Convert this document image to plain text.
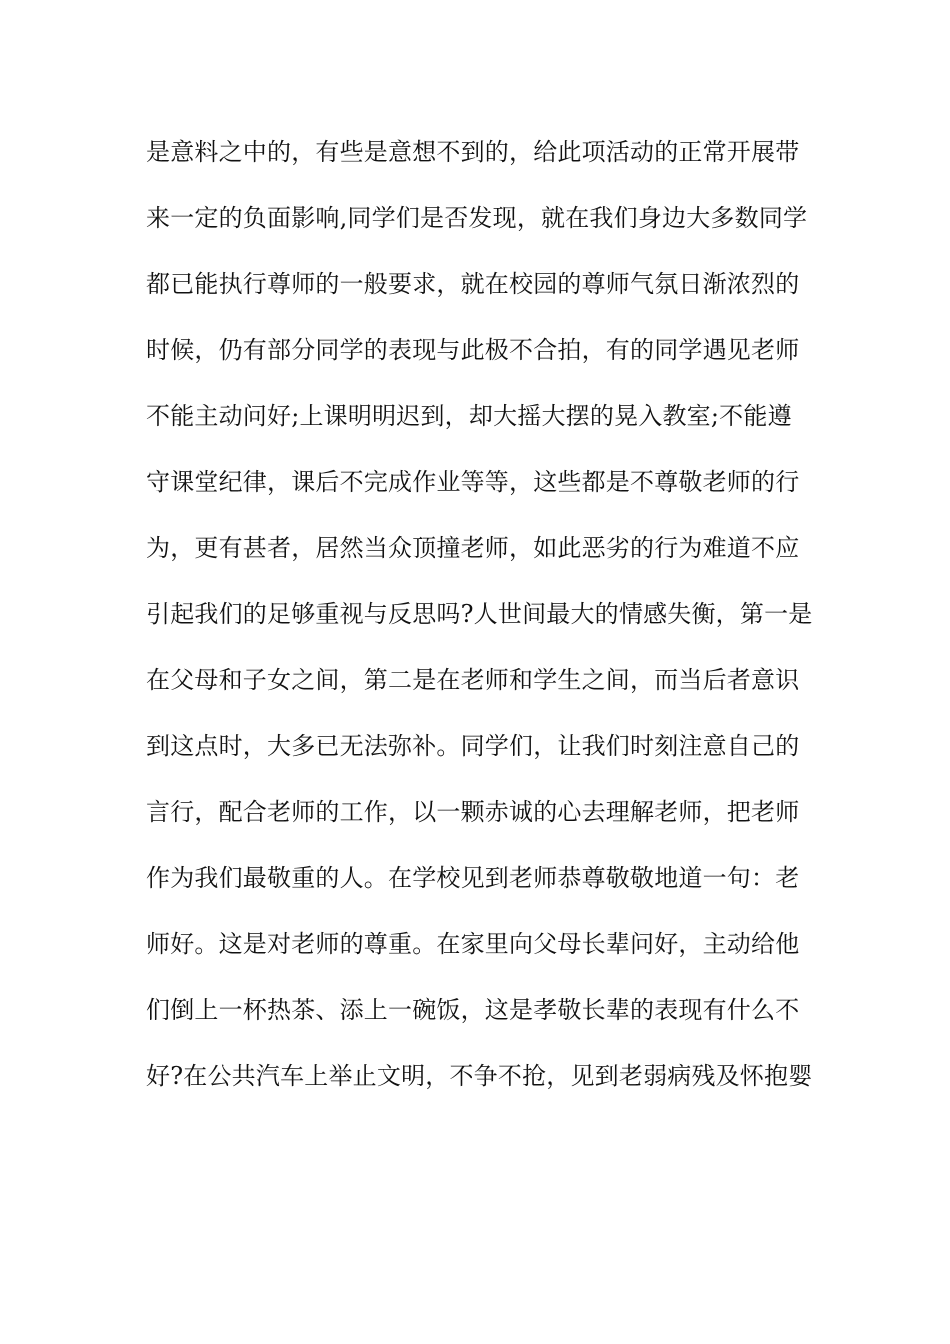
是意料之中的，有些是意想不到的，给此项活动的正常开展带
来一定的负面影响,同学们是否发现，就在我们身边大多数同学
都已能执行尊师的一般要求，就在校园的尊师气氛日渐浓烈的
时候，仍有部分同学的表现与此极不合拍，有的同学遇见老师
不能主动问好;上课明明迟到，却大摇大摆的晃入教室;不能遵
守课堂纪律，课后不完成作业等等，这些都是不尊敬老师的行
为，更有甚者，居然当众顶撞老师，如此恶劣的行为难道不应
引起我们的足够重视与反思吗?人世间最大的情感失衡，第一是
在父母和子女之间，第二是在老师和学生之间，而当后者意识
到这点时，大多已无法弥补。同学们，让我们时刻注意自己的
言行，配合老师的工作，以一颗赤诚的心去理解老师，把老师
作为我们最敬重的人。在学校见到老师恭尊敬敬地道一句：老
师好。这是对老师的尊重。在家里向父母长辈问好，主动给他
们倒上一杯热茶、添上一碗饭，这是孝敬长辈的表现有什么不
好?在公共汽车上举止文明，不争不抢，见到老弱病残及怀抱婴
